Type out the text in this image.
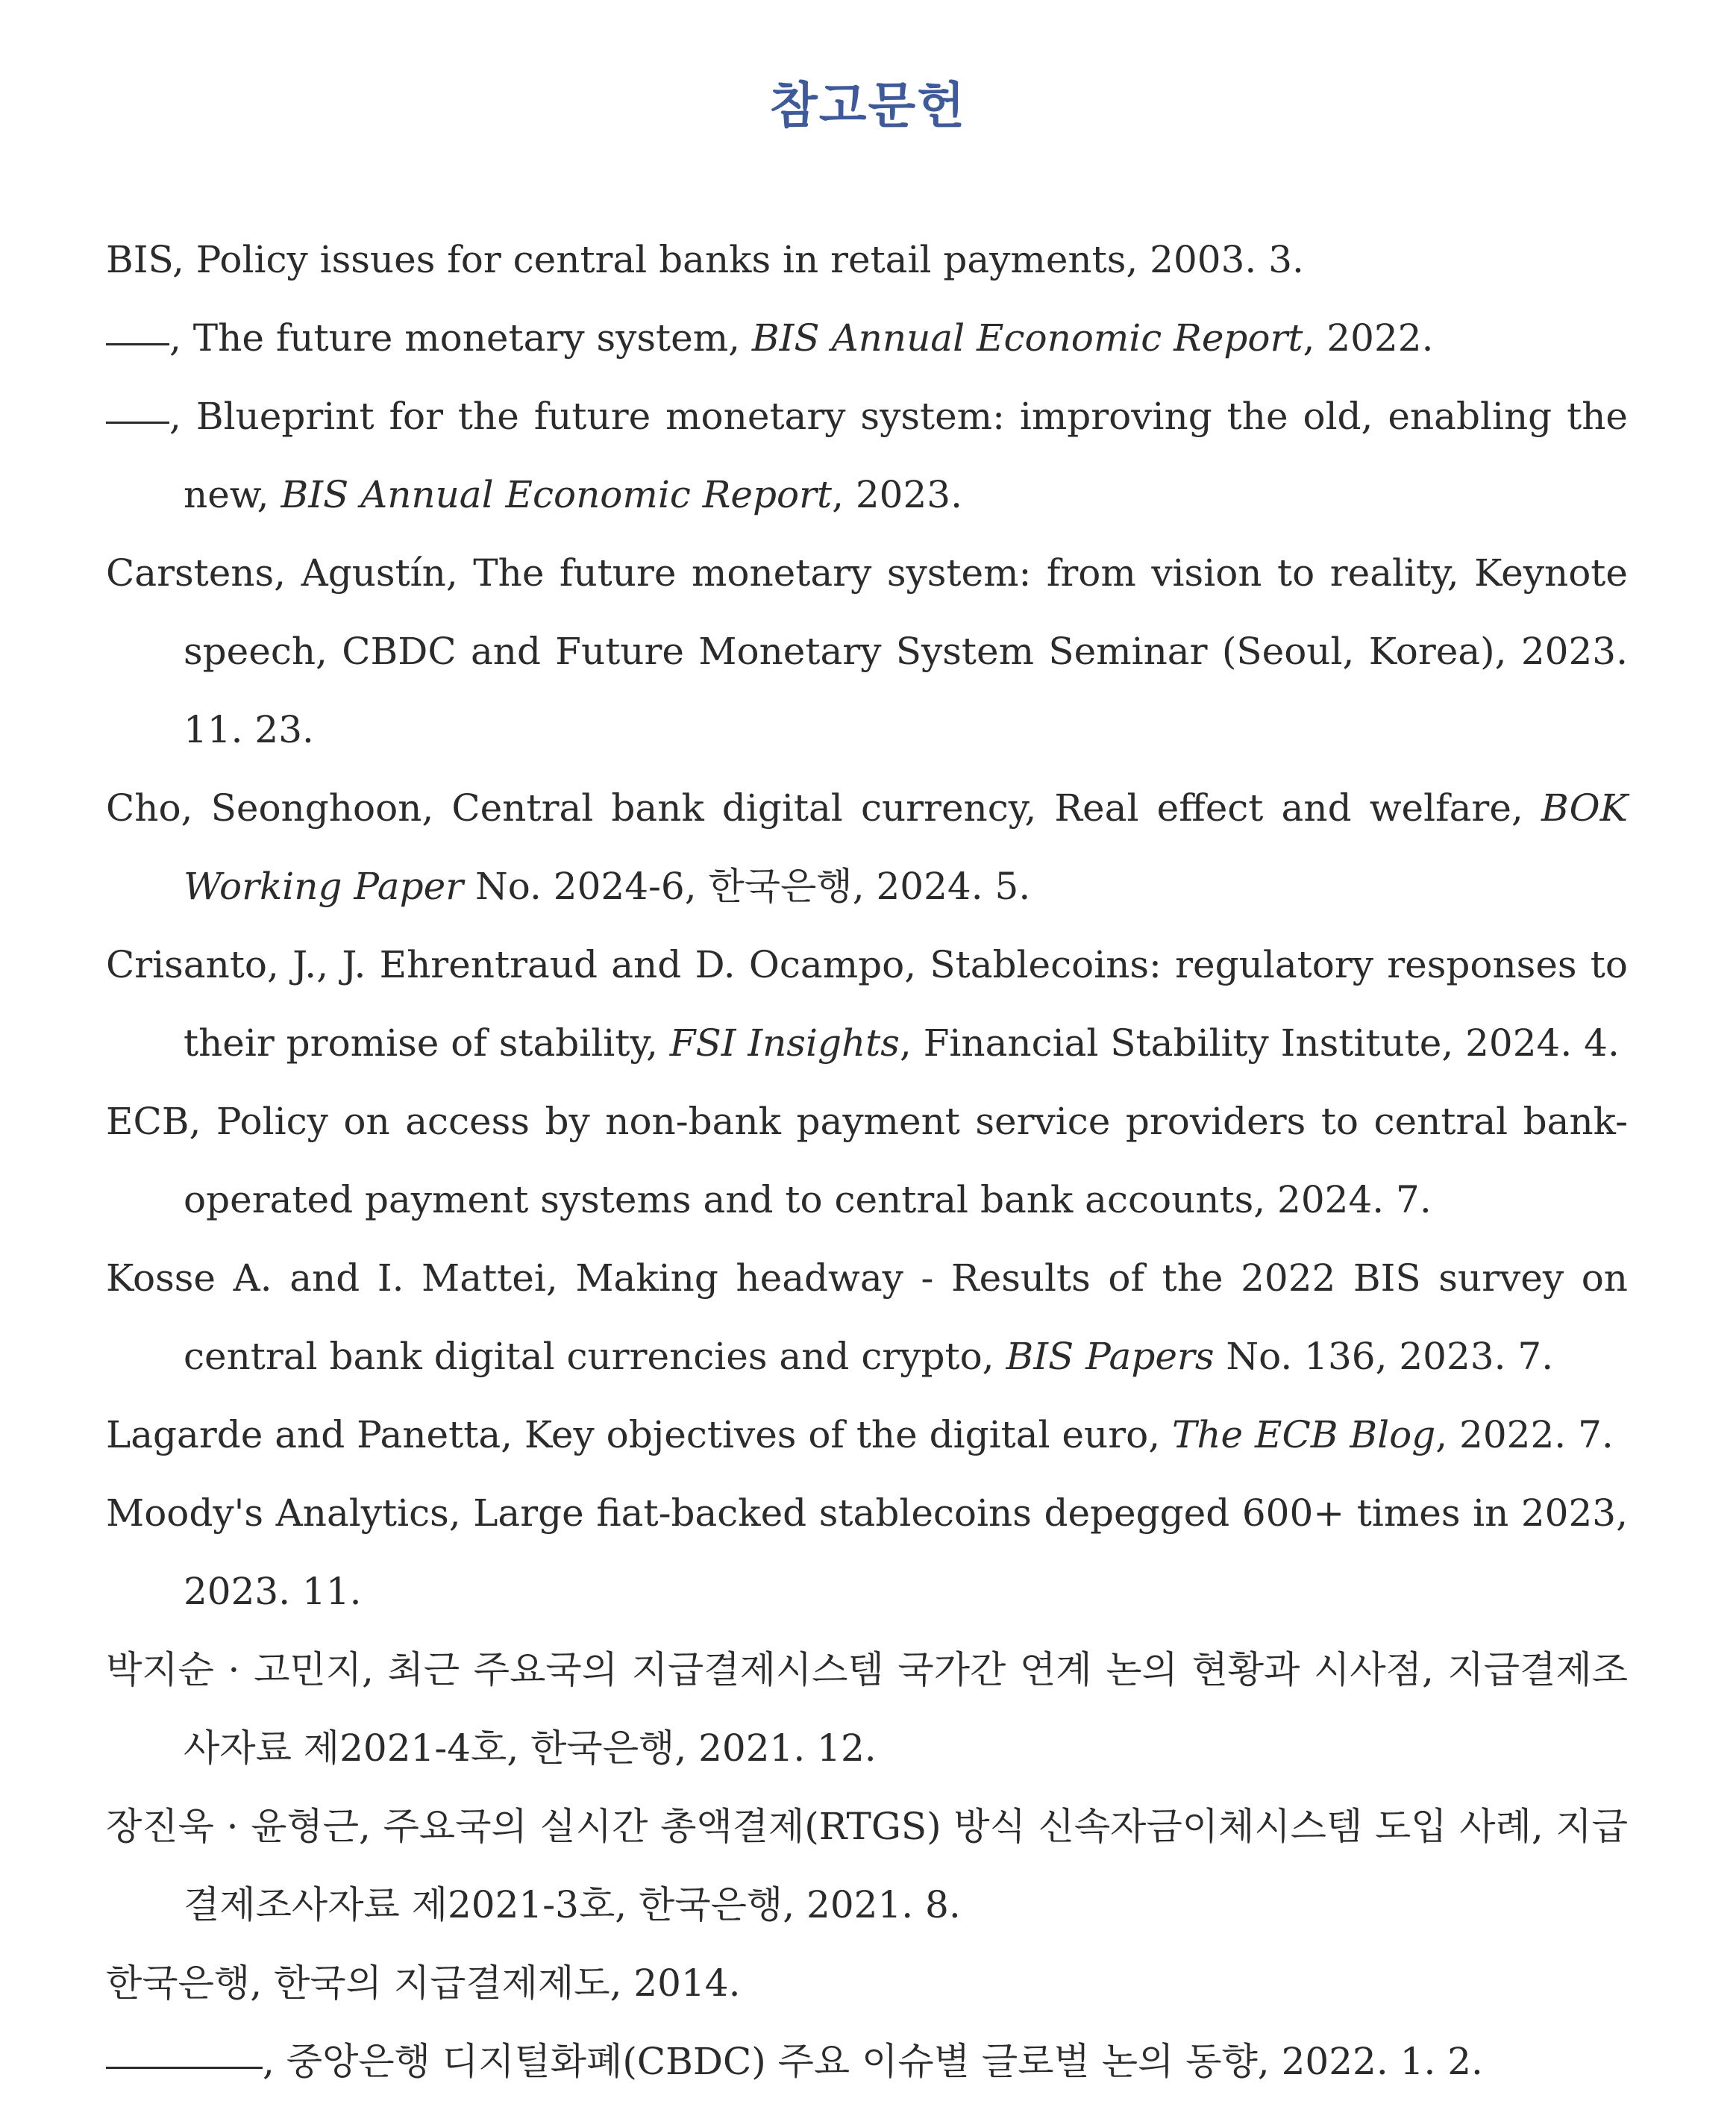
참고문헌
BIS, Policy issues for central banks in retail payments, 2003. 3.
, The future monetary system, BIS Annual Economic Report, 2022.
, Blueprint for the future monetary system: improving the old, enabling the new, BIS Annual Economic Report, 2023.
Carstens, Agustín, The future monetary system: from vision to reality, Keynote speech, CBDC and Future Monetary System Seminar (Seoul, Korea), 2023. 11. 23.
Cho, Seonghoon, Central bank digital currency, Real effect and welfare, BOK Working Paper No. 2024-6, 한국은행, 2024. 5.
Crisanto, J., J. Ehrentraud and D. Ocampo, Stablecoins: regulatory responses to their promise of stability, FSI Insights, Financial Stability Institute, 2024. 4.
ECB, Policy on access by non-bank payment service providers to central bank-operated payment systems and to central bank accounts, 2024. 7.
Kosse A. and I. Mattei, Making headway - Results of the 2022 BIS survey on central bank digital currencies and crypto, BIS Papers No. 136, 2023. 7.
Lagarde and Panetta, Key objectives of the digital euro, The ECB Blog, 2022. 7.
Moody's Analytics, Large fiat-backed stablecoins depegged 600+ times in 2023, 2023. 11.
박지순 · 고민지, 최근 주요국의 지급결제시스템 국가간 연계 논의 현황과 시사점, 지급결제조사자료 제2021-4호, 한국은행, 2021. 12.
장진욱 · 윤형근, 주요국의 실시간 총액결제(RTGS) 방식 신속자금이체시스템 도입 사례, 지급결제조사자료 제2021-3호, 한국은행, 2021. 8.
한국은행, 한국의 지급결제제도, 2014.
, 중앙은행 디지털화폐(CBDC) 주요 이슈별 글로벌 논의 동향, 2022. 1. 2.
